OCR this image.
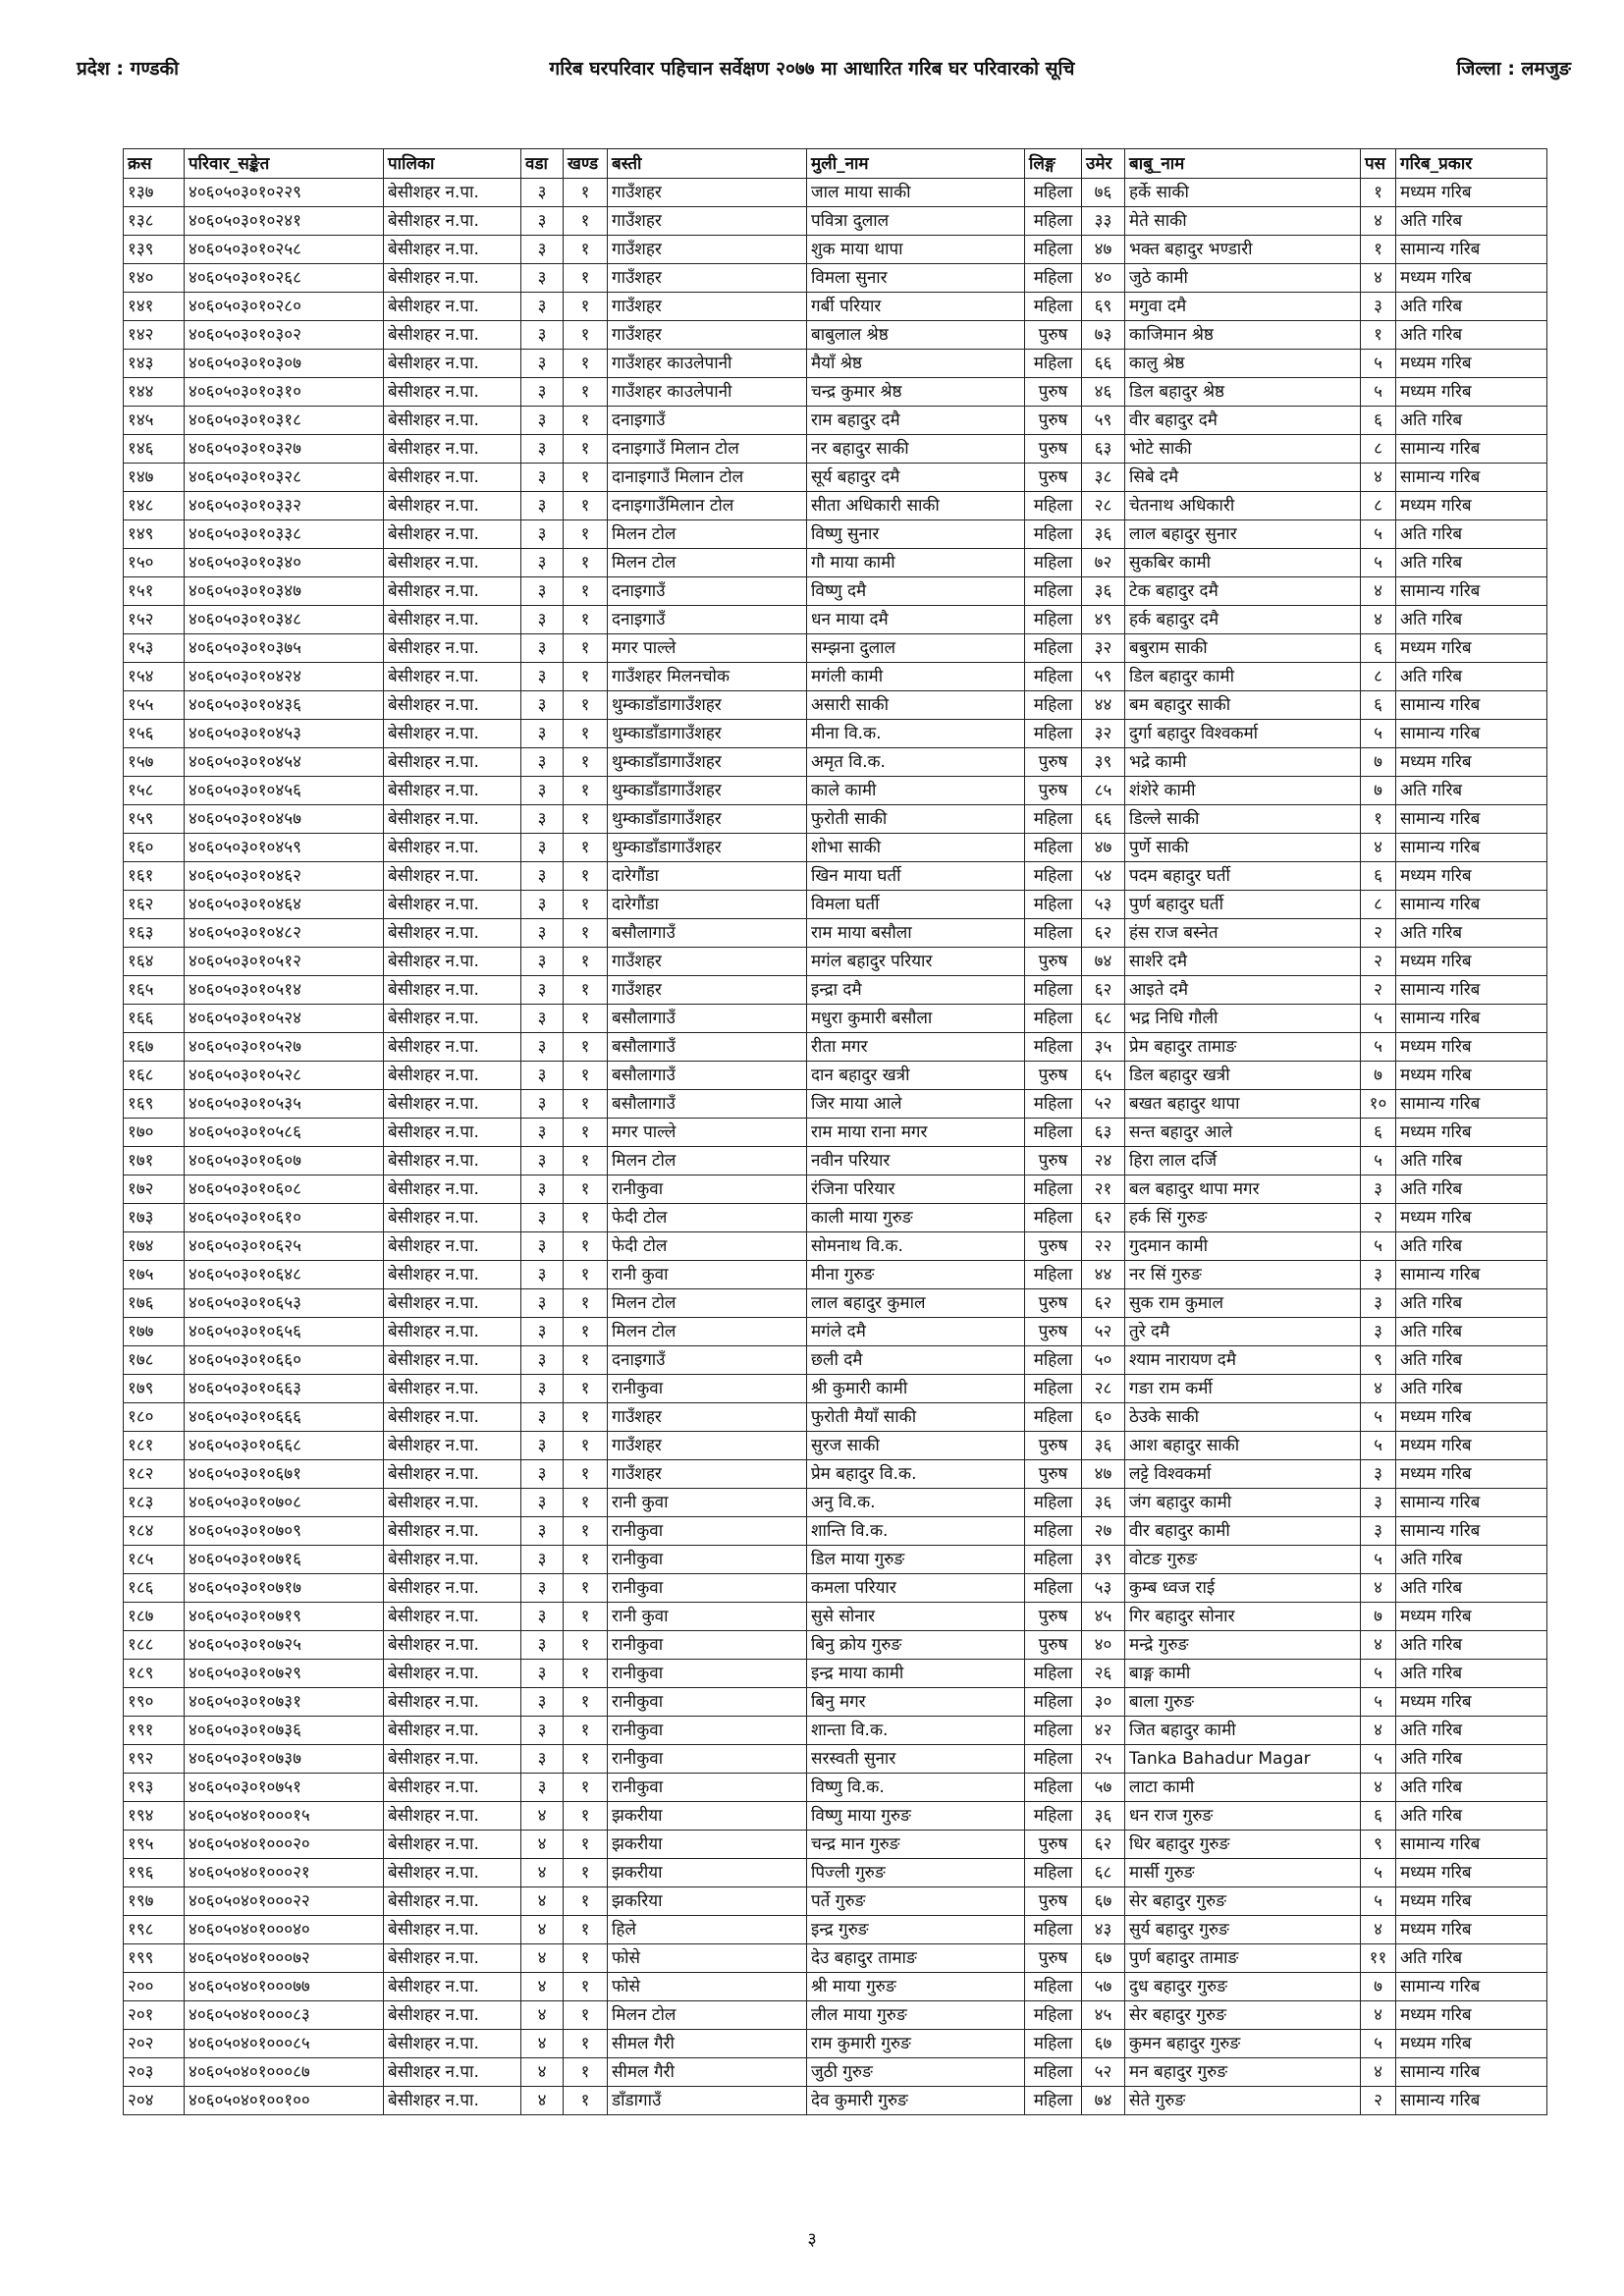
प्रदेश : गण्डकी	गरिब घरपरिवार पहिचान सर्वेक्षण २०७७ मा आधारित गरिब घर परिवारको सूचि	जिल्ला : लमजुङ
क्रस	परिवार_सङ्केत	पालिका	वडा	खण्ड	बस्ती	मुली_नाम	लिङ्ग	उमेर	बाबु_नाम	पस	गरिब_प्रकार
१३७	४०६०५०३०१०२२९	बेसीशहर न.पा.	३	१	गाउँशहर	जाल माया साकी	महिला	७६	हर्के साकी	१	मध्यम गरिब
१३८	४०६०५०३०१०२४१	बेसीशहर न.पा.	३	१	गाउँशहर	पवित्रा दुलाल	महिला	३३	मेते साकी	४	अति गरिब
१३९	४०६०५०३०१०२५८	बेसीशहर न.पा.	३	१	गाउँशहर	शुक माया थापा	महिला	४७	भक्त बहादुर भण्डारी	१	सामान्य गरिब
१४०	४०६०५०३०१०२६८	बेसीशहर न.पा.	३	१	गाउँशहर	विमला सुनार	महिला	४०	जुठे कामी	४	मध्यम गरिब
१४१	४०६०५०३०१०२८०	बेसीशहर न.पा.	३	१	गाउँशहर	गर्बी परियार	महिला	६९	मगुवा दमै	३	अति गरिब
१४२	४०६०५०३०१०३०२	बेसीशहर न.पा.	३	१	गाउँशहर	बाबुलाल श्रेष्ठ	पुरुष	७३	काजिमान श्रेष्ठ	१	अति गरिब
१४३	४०६०५०३०१०३०७	बेसीशहर न.पा.	३	१	गाउँशहर काउलेपानी	मैयाँ श्रेष्ठ	महिला	६६	कालु श्रेष्ठ	५	मध्यम गरिब
१४४	४०६०५०३०१०३१०	बेसीशहर न.पा.	३	१	गाउँशहर काउलेपानी	चन्द्र कुमार श्रेष्ठ	पुरुष	४६	डिल बहादुर श्रेष्ठ	५	मध्यम गरिब
१४५	४०६०५०३०१०३१८	बेसीशहर न.पा.	३	१	दनाइगाउँ	राम बहादुर दमै	पुरुष	५९	वीर बहादुर दमै	६	अति गरिब
१४६	४०६०५०३०१०३२७	बेसीशहर न.पा.	३	१	दनाइगाउँ मिलान टोल	नर बहादुर साकी	पुरुष	६३	भोटे साकी	८	सामान्य गरिब
१४७	४०६०५०३०१०३२८	बेसीशहर न.पा.	३	१	दानाइगाउँ मिलान टोल	सूर्य बहादुर दमै	पुरुष	३८	सिबे दमै	४	सामान्य गरिब
१४८	४०६०५०३०१०३३२	बेसीशहर न.पा.	३	१	दनाइगाउँमिलान टोल	सीता अधिकारी साकी	महिला	२८	चेतनाथ अधिकारी	८	मध्यम गरिब
१४९	४०६०५०३०१०३३८	बेसीशहर न.पा.	३	१	मिलन टोल	विष्णु सुनार	महिला	३६	लाल बहादुर सुनार	५	अति गरिब
१५०	४०६०५०३०१०३४०	बेसीशहर न.पा.	३	१	मिलन टोल	गौ माया कामी	महिला	७२	सुकबिर कामी	५	अति गरिब
१५१	४०६०५०३०१०३४७	बेसीशहर न.पा.	३	१	दनाइगाउँ	विष्णु दमै	महिला	३६	टेक बहादुर दमै	४	सामान्य गरिब
१५२	४०६०५०३०१०३४८	बेसीशहर न.पा.	३	१	दनाइगाउँ	धन माया दमै	महिला	४९	हर्क बहादुर दमै	४	अति गरिब
१५३	४०६०५०३०१०३७५	बेसीशहर न.पा.	३	१	मगर पाल्ले	सम्झना दुलाल	महिला	३२	बबुराम साकी	६	मध्यम गरिब
१५४	४०६०५०३०१०४२४	बेसीशहर न.पा.	३	१	गाउँशहर मिलनचोक	मगंली कामी	महिला	५९	डिल बहादुर कामी	८	अति गरिब
१५५	४०६०५०३०१०४३६	बेसीशहर न.पा.	३	१	थुम्काडाँडागाउँशहर	असारी साकी	महिला	४४	बम बहादुर साकी	६	सामान्य गरिब
१५६	४०६०५०३०१०४५३	बेसीशहर न.पा.	३	१	थुम्काडाँडागाउँशहर	मीना वि.क.	महिला	३२	दुर्गा बहादुर विश्वकर्मा	५	सामान्य गरिब
१५७	४०६०५०३०१०४५४	बेसीशहर न.पा.	३	१	थुम्काडाँडागाउँशहर	अमृत वि.क.	पुरुष	३९	भद्रे कामी	७	मध्यम गरिब
१५८	४०६०५०३०१०४५६	बेसीशहर न.पा.	३	१	थुम्काडाँडागाउँशहर	काले कामी	पुरुष	८५	शंशेरे कामी	७	अति गरिब
१५९	४०६०५०३०१०४५७	बेसीशहर न.पा.	३	१	थुम्काडाँडागाउँशहर	फुरोती साकी	महिला	६६	डिल्ले साकी	१	सामान्य गरिब
१६०	४०६०५०३०१०४५९	बेसीशहर न.पा.	३	१	थुम्काडाँडागाउँशहर	शोभा साकी	महिला	४७	पुर्णे साकी	४	सामान्य गरिब
१६१	४०६०५०३०१०४६२	बेसीशहर न.पा.	३	१	दारेगौंडा	खिन माया घर्ती	महिला	५४	पदम बहादुर घर्ती	६	मध्यम गरिब
१६२	४०६०५०३०१०४६४	बेसीशहर न.पा.	३	१	दारेगौंडा	विमला घर्ती	महिला	५३	पुर्ण बहादुर घर्ती	८	सामान्य गरिब
१६३	४०६०५०३०१०४८२	बेसीशहर न.पा.	३	१	बसौलागाउँ	राम माया बसौला	महिला	६२	हंस राज बस्नेत	२	अति गरिब
१६४	४०६०५०३०१०५१२	बेसीशहर न.पा.	३	१	गाउँशहर	मगंल बहादुर परियार	पुरुष	७४	सार्शरे दमै	२	मध्यम गरिब
१६५	४०६०५०३०१०५१४	बेसीशहर न.पा.	३	१	गाउँशहर	इन्द्रा दमै	महिला	६२	आइते दमै	२	सामान्य गरिब
१६६	४०६०५०३०१०५२४	बेसीशहर न.पा.	३	१	बसौलागाउँ	मधुरा कुमारी बसौला	महिला	६८	भद्र निधि गौली	५	सामान्य गरिब
१६७	४०६०५०३०१०५२७	बेसीशहर न.पा.	३	१	बसौलागाउँ	रीता मगर	महिला	३५	प्रेम बहादुर तामाङ	५	मध्यम गरिब
१६८	४०६०५०३०१०५२८	बेसीशहर न.पा.	३	१	बसौलागाउँ	दान बहादुर खत्री	पुरुष	६५	डिल बहादुर खत्री	७	मध्यम गरिब
१६९	४०६०५०३०१०५३५	बेसीशहर न.पा.	३	१	बसौलागाउँ	जिर माया आले	महिला	५२	बखत बहादुर थापा	१०	सामान्य गरिब
१७०	४०६०५०३०१०५८६	बेसीशहर न.पा.	३	१	मगर पाल्ले	राम माया राना मगर	महिला	६३	सन्त बहादुर आले	६	मध्यम गरिब
१७१	४०६०५०३०१०६०७	बेसीशहर न.पा.	३	१	मिलन टोल	नवीन परियार	पुरुष	२४	हिरा लाल दर्जि	५	अति गरिब
१७२	४०६०५०३०१०६०८	बेसीशहर न.पा.	३	१	रानीकुवा	रंजिना परियार	महिला	२१	बल बहादुर थापा मगर	३	अति गरिब
१७३	४०६०५०३०१०६१०	बेसीशहर न.पा.	३	१	फेदी टोल	काली माया गुरुङ	महिला	६२	हर्क सिं गुरुङ	२	मध्यम गरिब
१७४	४०६०५०३०१०६२५	बेसीशहर न.पा.	३	१	फेदी टोल	सोमनाथ वि.क.	पुरुष	२२	गुदमान कामी	५	अति गरिब
१७५	४०६०५०३०१०६४८	बेसीशहर न.पा.	३	१	रानी कुवा	मीना गुरुङ	महिला	४४	नर सिं गुरुङ	३	सामान्य गरिब
१७६	४०६०५०३०१०६५३	बेसीशहर न.पा.	३	१	मिलन टोल	लाल बहादुर कुमाल	पुरुष	६२	सुक राम कुमाल	३	अति गरिब
१७७	४०६०५०३०१०६५६	बेसीशहर न.पा.	३	१	मिलन टोल	मगंले दमै	पुरुष	५२	तुरे दमै	३	अति गरिब
१७८	४०६०५०३०१०६६०	बेसीशहर न.पा.	३	१	दनाइगाउँ	छली दमै	महिला	५०	श्याम नारायण दमै	९	अति गरिब
१७९	४०६०५०३०१०६६३	बेसीशहर न.पा.	३	१	रानीकुवा	श्री कुमारी कामी	महिला	२८	गङा राम कर्मी	४	अति गरिब
१८०	४०६०५०३०१०६६६	बेसीशहर न.पा.	३	१	गाउँशहर	फुरोती मैयाँ साकी	महिला	६०	ठेउके साकी	५	मध्यम गरिब
१८१	४०६०५०३०१०६६८	बेसीशहर न.पा.	३	१	गाउँशहर	सुरज साकी	पुरुष	३६	आश बहादुर साकी	५	मध्यम गरिब
१८२	४०६०५०३०१०६७१	बेसीशहर न.पा.	३	१	गाउँशहर	प्रेम बहादुर वि.क.	पुरुष	४७	लट्टे विश्वकर्मा	३	मध्यम गरिब
१८३	४०६०५०३०१०७०८	बेसीशहर न.पा.	३	१	रानी कुवा	अनु वि.क.	महिला	३६	जंग बहादुर कामी	३	सामान्य गरिब
१८४	४०६०५०३०१०७०९	बेसीशहर न.पा.	३	१	रानीकुवा	शान्ति वि.क.	महिला	२७	वीर बहादुर कामी	३	सामान्य गरिब
१८५	४०६०५०३०१०७१६	बेसीशहर न.पा.	३	१	रानीकुवा	डिल माया गुरुङ	महिला	३९	वोटङ गुरुङ	५	अति गरिब
१८६	४०६०५०३०१०७१७	बेसीशहर न.पा.	३	१	रानीकुवा	कमला परियार	महिला	५३	कुम्ब ध्वज राई	४	अति गरिब
१८७	४०६०५०३०१०७१९	बेसीशहर न.पा.	३	१	रानी कुवा	सुसे सोनार	पुरुष	४५	गिर बहादुर सोनार	७	मध्यम गरिब
१८८	४०६०५०३०१०७२५	बेसीशहर न.पा.	३	१	रानीकुवा	बिनु क्रोय गुरुङ	पुरुष	४०	मन्द्रे गुरुङ	४	अति गरिब
१८९	४०६०५०३०१०७२९	बेसीशहर न.पा.	३	१	रानीकुवा	इन्द्र माया कामी	महिला	२६	बाङ्ग कामी	५	अति गरिब
१९०	४०६०५०३०१०७३१	बेसीशहर न.पा.	३	१	रानीकुवा	बिनु मगर	महिला	३०	बाला गुरुङ	५	मध्यम गरिब
१९१	४०६०५०३०१०७३६	बेसीशहर न.पा.	३	१	रानीकुवा	शान्ता वि.क.	महिला	४२	जित बहादुर कामी	४	अति गरिब
१९२	४०६०५०३०१०७३७	बेसीशहर न.पा.	३	१	रानीकुवा	सरस्वती सुनार	महिला	२५	Tanka Bahadur Magar	५	अति गरिब
१९३	४०६०५०३०१०७५१	बेसीशहर न.पा.	३	१	रानीकुवा	विष्णु वि.क.	महिला	५७	लाटा कामी	४	अति गरिब
१९४	४०६०५०४०१०००१५	बेसीशहर न.पा.	४	१	झकरीया	विष्णु माया गुरुङ	महिला	३६	धन राज गुरुङ	६	अति गरिब
१९५	४०६०५०४०१०००२०	बेसीशहर न.पा.	४	१	झकरीया	चन्द्र मान गुरुङ	पुरुष	६२	धिर बहादुर गुरुङ	९	सामान्य गरिब
१९६	४०६०५०४०१०००२१	बेसीशहर न.पा.	४	१	झकरीया	पिज्ली गुरुङ	महिला	६८	मार्सी गुरुङ	५	मध्यम गरिब
१९७	४०६०५०४०१०००२२	बेसीशहर न.पा.	४	१	झकरिया	पर्ते गुरुङ	पुरुष	६७	सेर बहादुर गुरुङ	५	मध्यम गरिब
१९८	४०६०५०४०१०००४०	बेसीशहर न.पा.	४	१	हिले	इन्द्र गुरुङ	महिला	४३	सुर्य बहादुर गुरुङ	४	मध्यम गरिब
१९९	४०६०५०४०१०००७२	बेसीशहर न.पा.	४	१	फोसे	देउ बहादुर तामाङ	पुरुष	६७	पुर्ण बहादुर तामाङ	११	अति गरिब
२००	४०६०५०४०१०००७७	बेसीशहर न.पा.	४	१	फोसे	श्री माया गुरुङ	महिला	५७	दुध बहादुर गुरुङ	७	सामान्य गरिब
२०१	४०६०५०४०१०००८३	बेसीशहर न.पा.	४	१	मिलन टोल	लील माया गुरुङ	महिला	४५	सेर बहादुर गुरुङ	४	मध्यम गरिब
२०२	४०६०५०४०१०००८५	बेसीशहर न.पा.	४	१	सीमल गैरी	राम कुमारी गुरुङ	महिला	६७	कुमन बहादुर गुरुङ	५	मध्यम गरिब
२०३	४०६०५०४०१०००८७	बेसीशहर न.पा.	४	१	सीमल गैरी	जुठी गुरुङ	महिला	५२	मन बहादुर गुरुङ	४	सामान्य गरिब
२०४	४०६०५०४०१००१००	बेसीशहर न.पा.	४	१	डाँडागाउँ	देव कुमारी गुरुङ	महिला	७४	सेते गुरुङ	२	सामान्य गरिब
३
